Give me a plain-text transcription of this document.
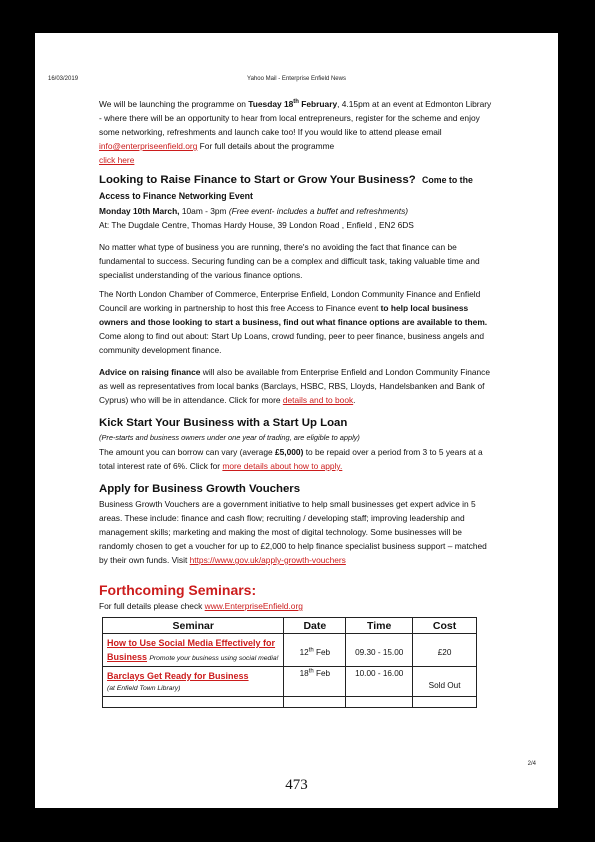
16/03/2019	Yahoo Mail - Enterprise Enfield News

We will be launching the programme on Tuesday 18th February, 4.15pm at an event at Edmonton Library - where there will be an opportunity to hear from local entrepreneurs, register for the scheme and enjoy some networking, refreshments and launch cake too! If you would like to attend please email info@enterpriseenfield.org For full details about the programme
click here

Looking to Raise Finance to Start or Grow Your Business? Come to the Access to Finance Networking Event

Monday 10th March, 10am - 3pm (Free event- includes a buffet and refreshments)

At: The Dugdale Centre, Thomas Hardy House, 39 London Road , Enfield , EN2 6DS

No matter what type of business you are running, there's no avoiding the fact that finance can be fundamental to success. Securing funding can be a complex and difficult task, taking valuable time and specialist understanding of the various finance options.

The North London Chamber of Commerce, Enterprise Enfield, London Community Finance and Enfield Council are working in partnership to host this free Access to Finance event to help local business owners and those looking to start a business, find out what finance options are available to them. Come along to find out about: Start Up Loans, crowd funding, peer to peer finance, business angels and community development finance.

Advice on raising finance will also be available from Enterprise Enfield and London Community Finance as well as representatives from local banks (Barclays, HSBC, RBS, Lloyds, Handelsbanken and Bank of Cyprus) who will be in attendance. Click for more details and to book.

Kick Start Your Business with a Start Up Loan

(Pre-starts and business owners under one year of trading, are eligible to apply)

The amount you can borrow can vary (average £5,000) to be repaid over a period from 3 to 5 years at a total interest rate of 6%. Click for more details about how to apply.

Apply for Business Growth Vouchers

Business Growth Vouchers are a government initiative to help small businesses get expert advice in 5 areas. These include: finance and cash flow; recruiting / developing staff; improving leadership and management skills; marketing and making the most of digital technology. Some businesses will be randomly chosen to get a voucher for up to £2,000 to help finance specialist business support – matched by their own funds. Visit https://www.gov.uk/apply-growth-vouchers

Forthcoming Seminars:

For full details please check www.EnterpriseEnfield.org

Seminar	Date	Time	Cost
How to Use Social Media Effectively for Business Promote your business using social media!	12th Feb	09.30 - 15.00	£20
Barclays Get Ready for Business
(at Enfield Town Library)	18th Feb	10.00 - 16.00	Sold Out

2/4
473
